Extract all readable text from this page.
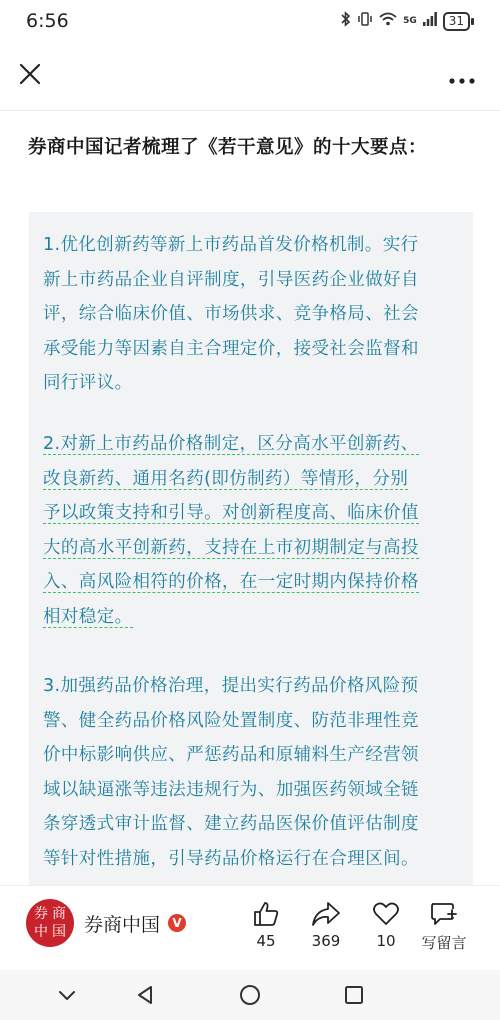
6:56	5G	31
券商中国记者梳理了《若干意见》的十大要点：
1.优化创新药等新上市药品首发价格机制。实行
新上市药品企业自评制度，引导医药企业做好自
评，综合临床价值、市场供求、竞争格局、社会
承受能力等因素自主合理定价，接受社会监督和
同行评议。
2.对新上市药品价格制定，区分高水平创新药、
改良新药、通用名药(即仿制药）等情形，分别
予以政策支持和引导。对创新程度高、临床价值
大的高水平创新药，支持在上市初期制定与高投
入、高风险相符的价格，在一定时期内保持价格
相对稳定。
3.加强药品价格治理，提出实行药品价格风险预
警、健全药品价格风险处置制度、防范非理性竞
价中标影响供应、严惩药品和原辅料生产经营领
域以缺逼涨等违法违规行为、加强医药领域全链
条穿透式审计监督、建立药品医保价值评估制度
等针对性措施，引导药品价格运行在合理区间。
券 商
中 国 券商中国	V
45	369	10	写留言
